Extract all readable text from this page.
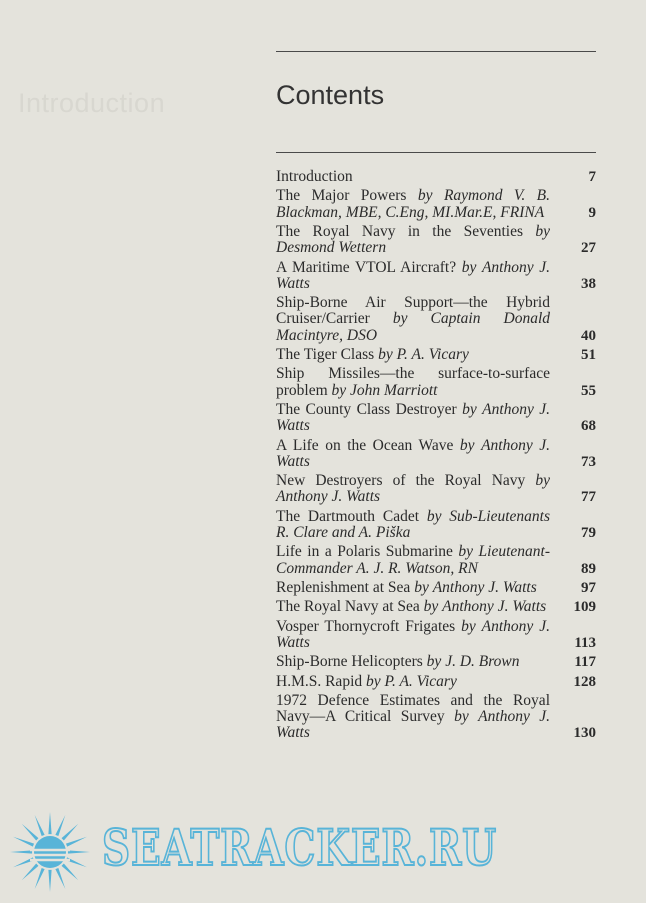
Introduction	Contents
Introduction	7
The Major Powers by Raymond V. B. Blackman, MBE, C.Eng, MI.Mar.E, FRINA	9
The Royal Navy in the Seventies by Desmond Wettern	27
A Maritime VTOL Aircraft? by Anthony J. Watts	38
Ship-Borne Air Support—the Hybrid Cruiser/Carrier by Captain Donald Macintyre, DSO	40
The Tiger Class by P. A. Vicary	51
Ship Missiles—the surface-to-surface problem by John Marriott	55
The County Class Destroyer by Anthony J. Watts	68
A Life on the Ocean Wave by Anthony J. Watts	73
New Destroyers of the Royal Navy by Anthony J. Watts	77
The Dartmouth Cadet by Sub-Lieutenants R. Clare and A. Piška	79
Life in a Polaris Submarine by Lieutenant-Commander A. J. R. Watson, RN	89
Replenishment at Sea by Anthony J. Watts	97
The Royal Navy at Sea by Anthony J. Watts	109
Vosper Thornycroft Frigates by Anthony J. Watts	113
Ship-Borne Helicopters by J. D. Brown	117
H.M.S. Rapid by P. A. Vicary	128
1972 Defence Estimates and the Royal Navy—A Critical Survey by Anthony J. Watts	130
SEATRACKER.RU
